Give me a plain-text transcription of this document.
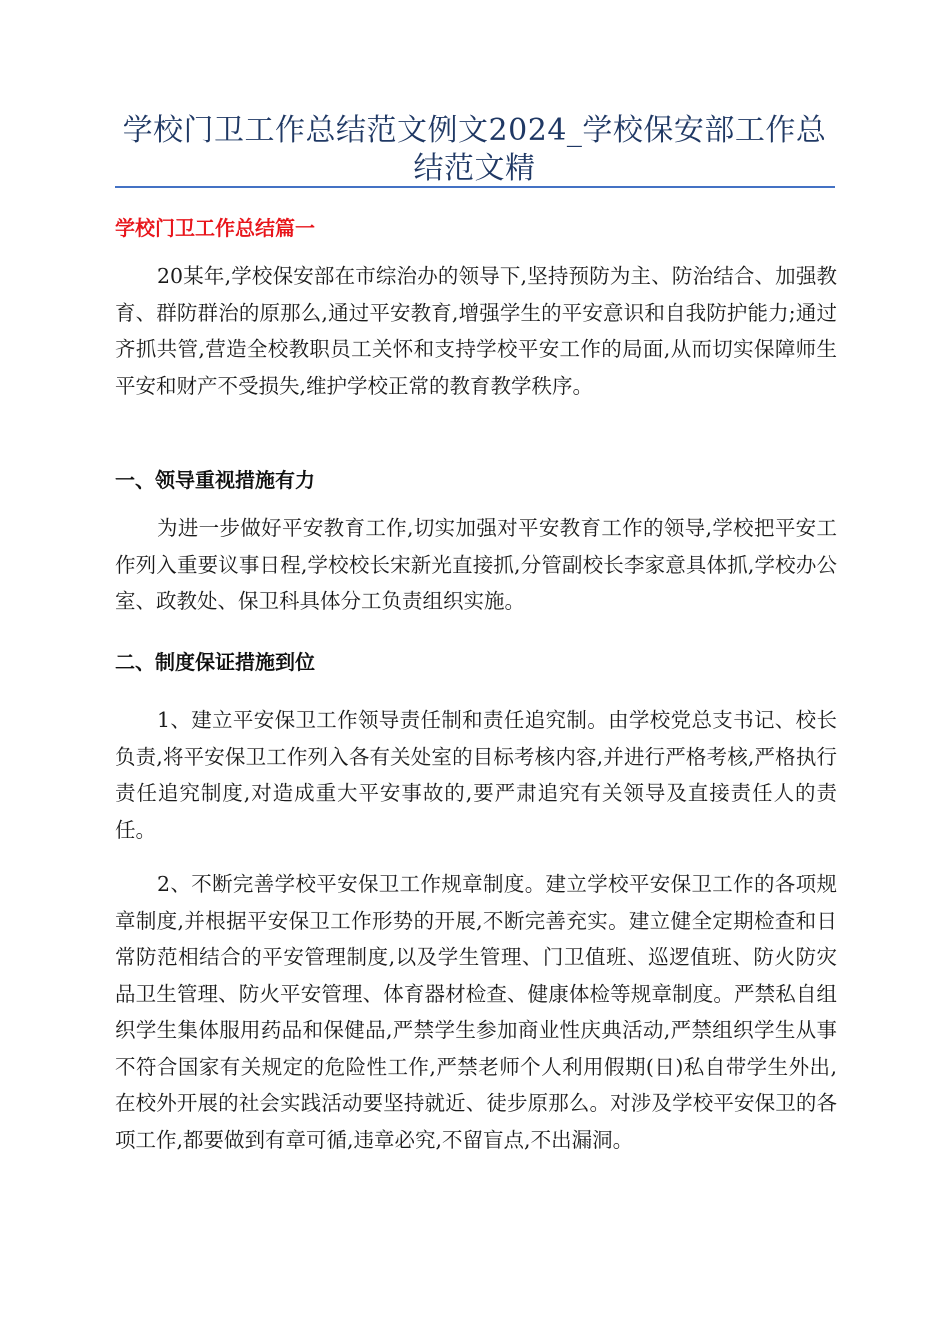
学校门卫工作总结范文例文2024_学校保安部工作总结范文精
学校门卫工作总结篇一

20某年,学校保安部在市综治办的领导下,坚持预防为主、防治结合、加强教育、群防群治的原那么,通过平安教育,增强学生的平安意识和自我防护能力;通过齐抓共管,营造全校教职员工关怀和支持学校平安工作的局面,从而切实保障师生平安和财产不受损失,维护学校正常的教育教学秩序。

一、领导重视措施有力

为进一步做好平安教育工作,切实加强对平安教育工作的领导,学校把平安工作列入重要议事日程,学校校长宋新光直接抓,分管副校长李家意具体抓,学校办公室、政教处、保卫科具体分工负责组织实施。

二、制度保证措施到位

1、建立平安保卫工作领导责任制和责任追究制。由学校党总支书记、校长负责,将平安保卫工作列入各有关处室的目标考核内容,并进行严格考核,严格执行责任追究制度,对造成重大平安事故的,要严肃追究有关领导及直接责任人的责任。

2、不断完善学校平安保卫工作规章制度。建立学校平安保卫工作的各项规章制度,并根据平安保卫工作形势的开展,不断完善充实。建立健全定期检查和日常防范相结合的平安管理制度,以及学生管理、门卫值班、巡逻值班、防火防灾品卫生管理、防火平安管理、体育器材检查、健康体检等规章制度。严禁私自组织学生集体服用药品和保健品,严禁学生参加商业性庆典活动,严禁组织学生从事不符合国家有关规定的危险性工作,严禁老师个人利用假期(日)私自带学生外出,在校外开展的社会实践活动要坚持就近、徒步原那么。对涉及学校平安保卫的各项工作,都要做到有章可循,违章必究,不留盲点,不出漏洞。
